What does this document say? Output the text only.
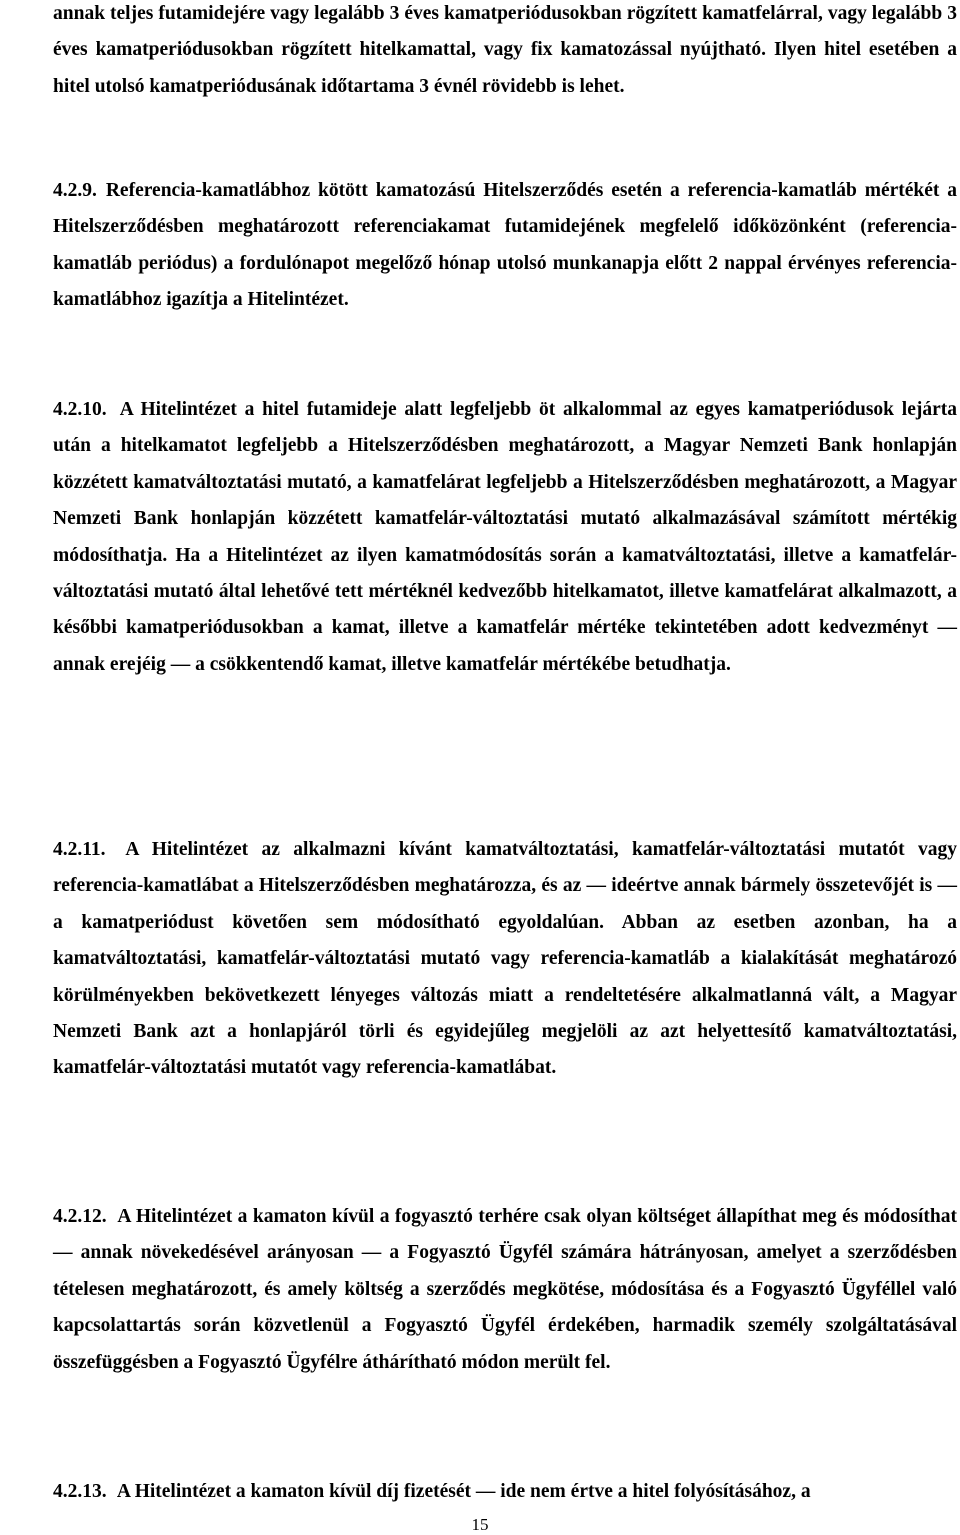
annak teljes futamidejére vagy legalább 3 éves kamatperiódusokban rögzített kamatfelárral, vagy legalább 3 éves kamatperiódusokban rögzített hitelkamattal, vagy fix kamatozással nyújtható. Ilyen hitel esetében a hitel utolsó kamatperiódusának időtartama 3 évnél rövidebb is lehet.

4.2.9. Referencia-kamatlábhoz kötött kamatozású Hitelszerződés esetén a referencia-kamatláb mértékét a Hitelszerződésben meghatározott referenciakamat futamidejének megfelelő időközönként (referencia-kamatláb periódus) a fordulónapot megelőző hónap utolsó munkanapja előtt 2 nappal érvényes referencia-kamatlábhoz igazítja a Hitelintézet.

4.2.10. A Hitelintézet a hitel futamideje alatt legfeljebb öt alkalommal az egyes kamatperiódusok lejárta után a hitelkamatot legfeljebb a Hitelszerződésben meghatározott, a Magyar Nemzeti Bank honlapján közzétett kamatváltoztatási mutató, a kamatfelárat legfeljebb a Hitelszerződésben meghatározott, a Magyar Nemzeti Bank honlapján közzétett kamatfelár-változtatási mutató alkalmazásával számított mértékig módosíthatja. Ha a Hitelintézet az ilyen kamatmódosítás során a kamatváltoztatási, illetve a kamatfelár-változtatási mutató által lehetővé tett mértéknél kedvezőbb hitelkamatot, illetve kamatfelárat alkalmazott, a későbbi kamatperiódusokban a kamat, illetve a kamatfelár mértéke tekintetében adott kedvezményt — annak erejéig — a csökkentendő kamat, illetve kamatfelár mértékébe betudhatja.

4.2.11. A Hitelintézet az alkalmazni kívánt kamatváltoztatási, kamatfelár-változtatási mutatót vagy referencia-kamatlábat a Hitelszerződésben meghatározza, és az — ideértve annak bármely összetevőjét is — a kamatperiódust követően sem módosítható egyoldalúan. Abban az esetben azonban, ha a kamatváltoztatási, kamatfelár-változtatási mutató vagy referencia-kamatláb a kialakítását meghatározó körülményekben bekövetkezett lényeges változás miatt a rendeltetésére alkalmatlanná vált, a Magyar Nemzeti Bank azt a honlapjáról törli és egyidejűleg megjelöli az azt helyettesítő kamatváltoztatási, kamatfelár-változtatási mutatót vagy referencia-kamatlábat.

4.2.12. A Hitelintézet a kamaton kívül a fogyasztó terhére csak olyan költséget állapíthat meg és módosíthat — annak növekedésével arányosan — a Fogyasztó Ügyfél számára hátrányosan, amelyet a szerződésben tételesen meghatározott, és amely költség a szerződés megkötése, módosítása és a Fogyasztó Ügyféllel való kapcsolattartás során közvetlenül a Fogyasztó Ügyfél érdekében, harmadik személy szolgáltatásával összefüggésben a Fogyasztó Ügyfélre áthárítható módon merült fel.

4.2.13. A Hitelintézet a kamaton kívül díj fizetését — ide nem értve a hitel folyósításához, a

15
